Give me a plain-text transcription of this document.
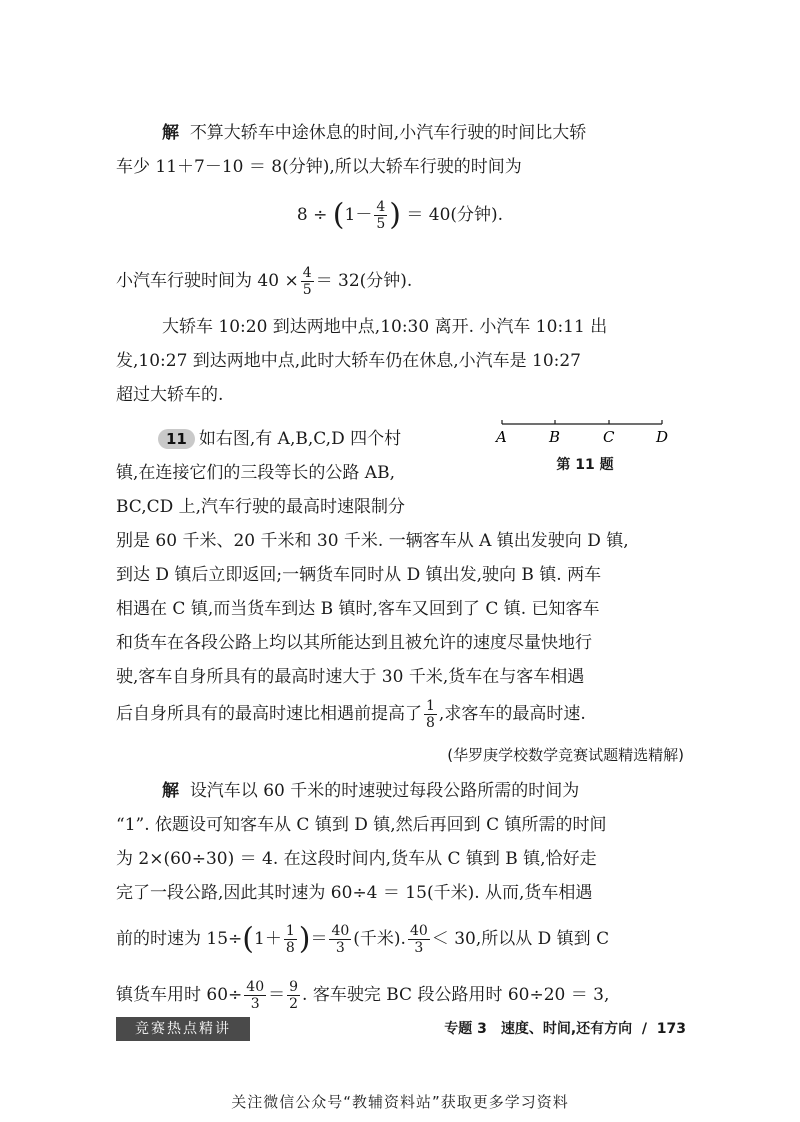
解 不算大轿车中途休息的时间,小汽车行驶的时间比大轿
车少 11＋7－10 ＝ 8(分钟),所以大轿车行驶的时间为
$8 \div (1- \frac{4}{5}$ ) ＝ 40(分钟).
小汽车行驶时间为 $40 \times \frac{4}{5} = 32$(分钟).
大轿车 10:20 到达两地中点,10:30 离开. 小汽车 10:11 出
发,10:27 到达两地中点,此时大轿车仍在休息,小汽车是 10:27
超过大轿车的.
11 如右图,有 A,B,C,D 四个村
镇,在连接它们的三段等长的公路 AB,
BC,CD 上,汽车行驶的最高时速限制分
A	B	C	D
第 11 题
别是 60 千米、20 千米和 30 千米. 一辆客车从 A 镇出发驶向 D 镇,
到达 D 镇后立即返回;一辆货车同时从 D 镇出发,驶向 B 镇. 两车
相遇在 C 镇,而当货车到达 B 镇时,客车又回到了 C 镇. 已知客车
和货车在各段公路上均以其所能达到且被允许的速度尽量快地行
驶,客车自身所具有的最高时速大于 30 千米,货车在与客车相遇
后自身所具有的最高时速比相遇前提高了 $\frac{1}{8}$ ,求客车的最高时速.
(华罗庚学校数学竞赛试题精选精解)
解 设汽车以 60 千米的时速驶过每段公路所需的时间为
“1”. 依题设可知客车从 C 镇到 D 镇,然后再回到 C 镇所需的时间
为 2×(60÷30) ＝ 4. 在这段时间内,货车从 C 镇到 B 镇,恰好走
完了一段公路,因此其时速为 60÷4 ＝ 15(千米). 从而,货车相遇
前的时速为 $15\div(1+ \frac{1}{8}$ )＝ $\frac{40}{3}$ (千米). $\frac{40}{3} < 30$,所以从 D 镇到 C
镇货车用时 $60\div \frac{40}{3} = \frac{9}{2}$ . 客车驶完 BC 段公路用时 60÷20 ＝ 3,
竞赛热点精讲	专题 3　速度、时间,还有方向 / 173
关注微信公众号“教辅资料站”获取更多学习资料
